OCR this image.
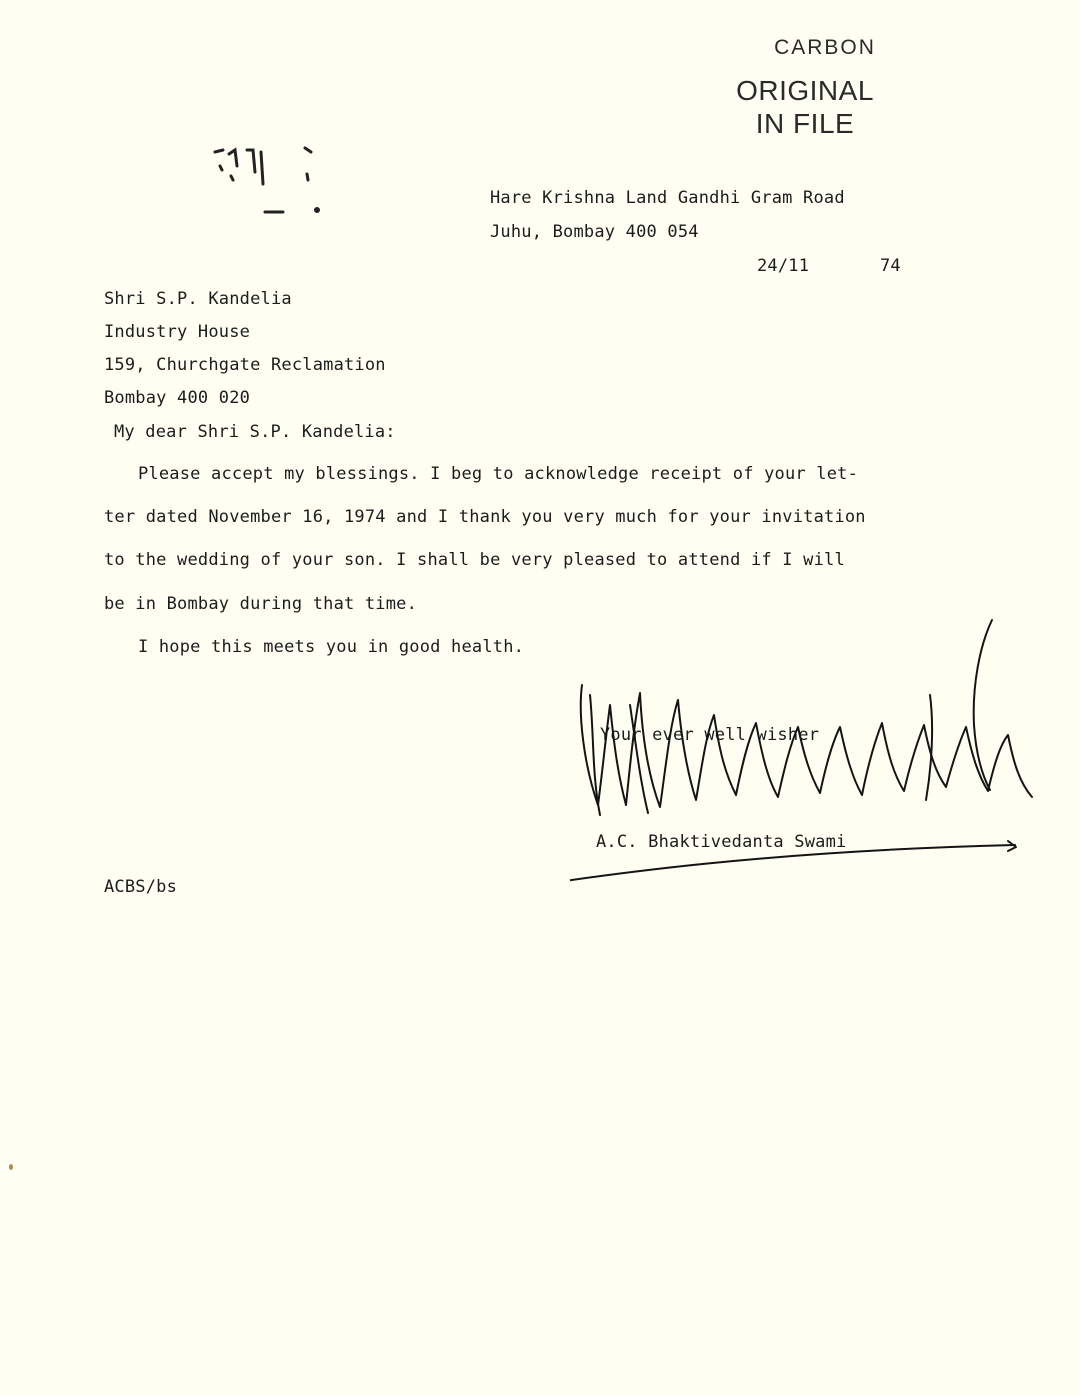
CARBON
ORIGINAL
IN FILE
Hare Krishna Land Gandhi Gram Road
Juhu, Bombay 400 054
24/11	74
Shri S.P. Kandelia
Industry House
159, Churchgate Reclamation
Bombay 400 020
My dear Shri S.P. Kandelia:
Please accept my blessings. I beg to acknowledge receipt of your let-
ter dated November 16, 1974 and I thank you very much for your invitation
to the wedding of your son. I shall be very pleased to attend if I will
be in Bombay during that time.
I hope this meets you in good health.
Your ever well wisher
A.C. Bhaktivedanta Swami
ACBS/bs
